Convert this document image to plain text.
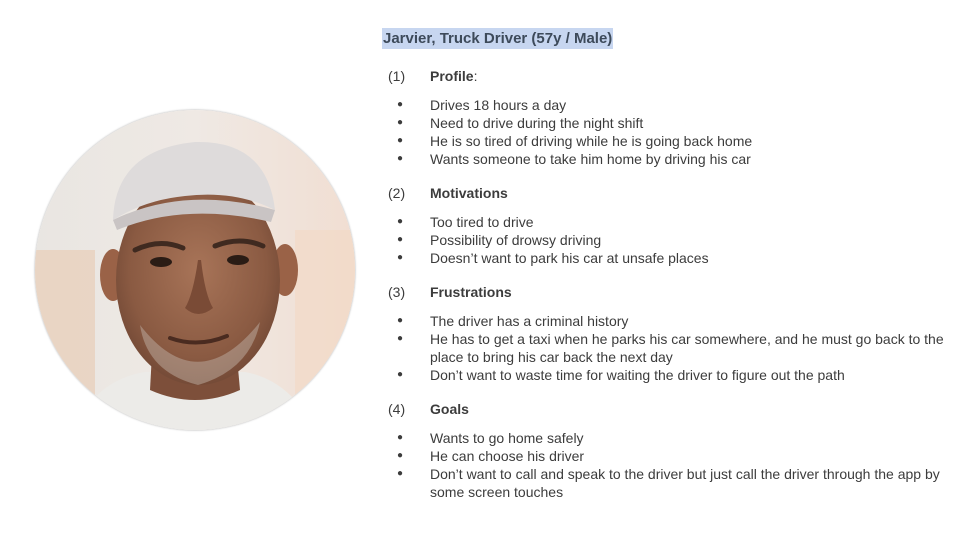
Jarvier, Truck Driver (57y / Male)
(1)	Profile :
●	Drives 18 hours a day
●	Need to drive during the night shift
●	He is so tired of driving while he is going back home
●	Wants someone to take him home by driving his car
(2)	Motivations
●	Too tired to drive
●	Possibility of drowsy driving
●	Doesn’t want to park his car at unsafe places
(3)	Frustrations
●	The driver has a criminal history
●	He has to get a taxi when he parks his car somewhere, and he must go back to the place to bring his car back the next day
●	Don’t want to waste time for waiting the driver to figure out the path
(4)	Goals
●	Wants to go home safely
●	He can choose his driver
●	Don’t want to call and speak to the driver but just call the driver through the app by some screen touches
